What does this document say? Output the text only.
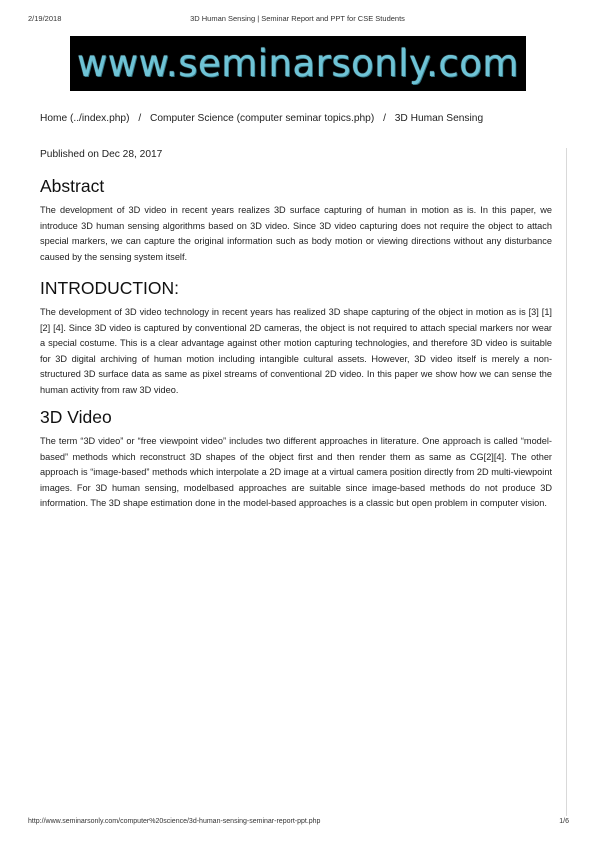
2/19/2018	3D Human Sensing | Seminar Report and PPT for CSE Students
www.seminarsonly.com
Home (../index.php) / Computer Science (computer seminar topics.php) / 3D Human Sensing
Published on Dec 28, 2017
Abstract

The development of 3D video in recent years realizes 3D surface capturing of human in motion as is. In this paper, we introduce 3D human sensing algorithms based on 3D video. Since 3D video capturing does not require the object to attach special markers, we can capture the original information such as body motion or viewing directions without any disturbance caused by the sensing system itself.

INTRODUCTION:

The development of 3D video technology in recent years has realized 3D shape capturing of the object in motion as is [3] [1] [2] [4]. Since 3D video is captured by conventional 2D cameras, the object is not required to attach special markers nor wear a special costume. This is a clear advantage against other motion capturing technologies, and therefore 3D video is suitable for 3D digital archiving of human motion including intangible cultural assets. However, 3D video itself is merely a non-structured 3D surface data as same as pixel streams of conventional 2D video. In this paper we show how we can sense the human activity from raw 3D video.

3D Video

The term “3D video” or “free viewpoint video” includes two different approaches in literature. One approach is called “model-based” methods which reconstruct 3D shapes of the object first and then render them as same as CG[2][4]. The other approach is “image-based” methods which interpolate a 2D image at a virtual camera position directly from 2D multi-viewpoint images. For 3D human sensing, modelbased approaches are suitable since image-based methods do not produce 3D information. The 3D shape estimation done in the model-based approaches is a classic but open problem in computer vision.

http://www.seminarsonly.com/computer%20science/3d-human-sensing-seminar-report-ppt.php	1/6
